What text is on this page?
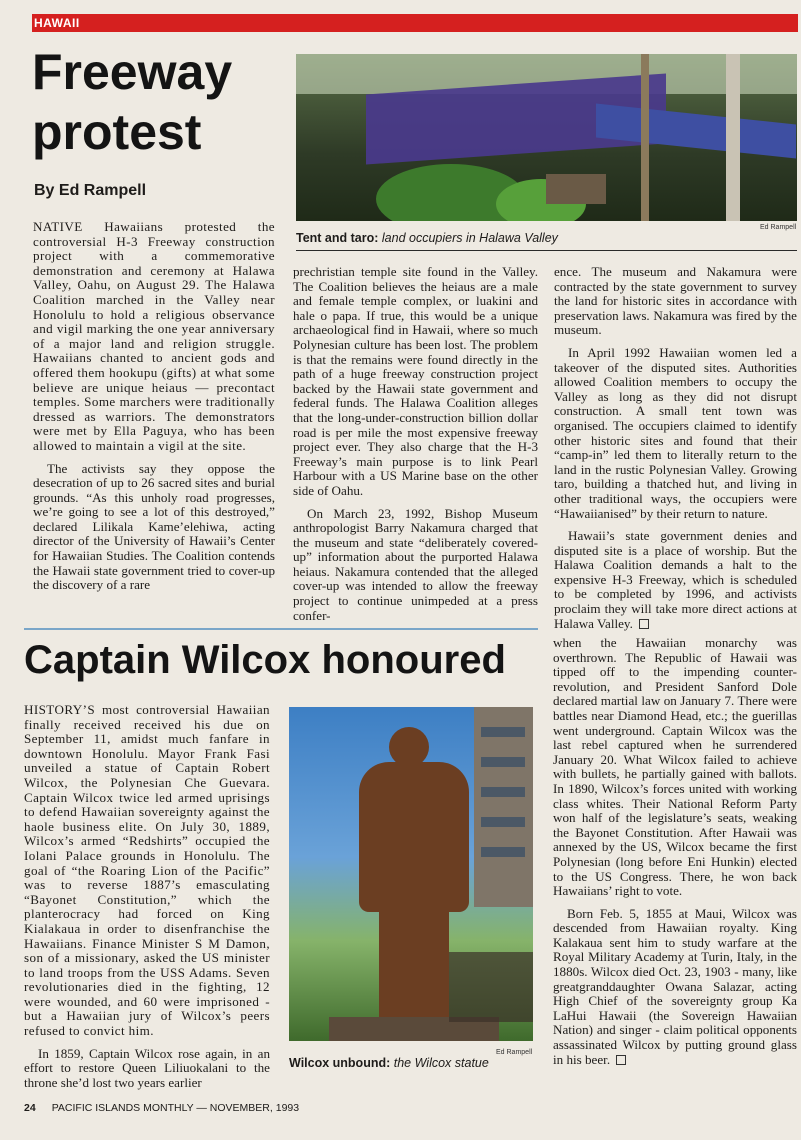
HAWAII
Freeway protest
By Ed Rampell
Ed Rampell
Tent and taro: land occupiers in Halawa Valley

NATIVE Hawaiians protested the controversial H-3 Freeway construction project with a commemorative demonstration and ceremony at Halawa Valley, Oahu, on August 29. The Halawa Coalition marched in the Valley near Honolulu to hold a religious observance and vigil marking the one year anniversary of a major land and religion struggle. Hawaiians chanted to ancient gods and offered them hookupu (gifts) at what some believe are unique heiaus — precontact temples. Some marchers were traditionally dressed as warriors. The demonstrators were met by Ella Paguya, who has been allowed to maintain a vigil at the site.

The activists say they oppose the desecration of up to 26 sacred sites and burial grounds. “As this unholy road progresses, we’re going to see a lot of this destroyed,” declared Lilikala Kame’elehiwa, acting director of the University of Hawaii’s Center for Hawaiian Studies. The Coalition contends the Hawaii state government tried to cover-up the discovery of a rare

prechristian temple site found in the Valley. The Coalition believes the heiaus are a male and female temple complex, or luakini and hale o papa. If true, this would be a unique archaeological find in Hawaii, where so much Polynesian culture has been lost. The problem is that the remains were found directly in the path of a huge freeway construction project backed by the Hawaii state government and federal funds. The Halawa Coalition alleges that the long-under-construction billion dollar road is per mile the most expensive freeway project ever. They also charge that the H-3 Freeway’s main purpose is to link Pearl Harbour with a US Marine base on the other side of Oahu.

On March 23, 1992, Bishop Museum anthropologist Barry Nakamura charged that the museum and state “deliberately covered-up” information about the purported Halawa heiaus. Nakamura contended that the alleged cover-up was intended to allow the freeway project to continue unimpeded at a press confer-

ence. The museum and Nakamura were contracted by the state government to survey the land for historic sites in accordance with preservation laws. Nakamura was fired by the museum.

In April 1992 Hawaiian women led a takeover of the disputed sites. Authorities allowed Coalition members to occupy the Valley as long as they did not disrupt construction. A small tent town was organised. The occupiers claimed to identify other historic sites and found that their “camp-in” led them to literally return to the land in the rustic Polynesian Valley. Growing taro, building a thatched hut, and living in other traditional ways, the occupiers were “Hawaiianised” by their return to nature.

Hawaii’s state government denies and disputed site is a place of worship. But the Halawa Coalition demands a halt to the expensive H-3 Freeway, which is scheduled to be completed by 1996, and activists proclaim they will take more direct actions at Halawa Valley.

Captain Wilcox honoured

HISTORY’S most controversial Hawaiian finally received received his due on September 11, amidst much fanfare in downtown Honolulu. Mayor Frank Fasi unveiled a statue of Captain Robert Wilcox, the Polynesian Che Guevara. Captain Wilcox twice led armed uprisings to defend Hawaiian sovereignty against the haole business elite. On July 30, 1889, Wilcox’s armed “Redshirts” occupied the Iolani Palace grounds in Honolulu. The goal of “the Roaring Lion of the Pacific” was to reverse 1887’s emasculating “Bayonet Constitution,” which the planterocracy had forced on King Kialakaua in order to disenfranchise the Hawaiians. Finance Minister S M Damon, son of a missionary, asked the US minister to land troops from the USS Adams. Seven revolutionaries died in the fighting, 12 were wounded, and 60 were imprisoned - but a Hawaiian jury of Wilcox’s peers refused to convict him.

In 1859, Captain Wilcox rose again, in an effort to restore Queen Liliuokalani to the throne she’d lost two years earlier

Ed Rampell
Wilcox unbound: the Wilcox statue

when the Hawaiian monarchy was overthrown. The Republic of Hawaii was tipped off to the impending counter-revolution, and President Sanford Dole declared martial law on January 7. There were battles near Diamond Head, etc.; the guerillas went underground. Captain Wilcox was the last rebel captured when he surrendered January 20. What Wilcox failed to achieve with bullets, he partially gained with ballots. In 1890, Wilcox’s forces united with working class whites. Their National Reform Party won half of the legislature’s seats, weaking the Bayonet Constitution. After Hawaii was annexed by the US, Wilcox became the first Polynesian (long before Eni Hunkin) elected to the US Congress. There, he won back Hawaiians’ right to vote.

Born Feb. 5, 1855 at Maui, Wilcox was descended from Hawaiian royalty. King Kalakaua sent him to study warfare at the Royal Military Academy at Turin, Italy, in the 1880s. Wilcox died Oct. 23, 1903 - many, like greatgranddaughter Owana Salazar, acting High Chief of the sovereignty group Ka LaHui Hawaii (the Sovereign Hawaiian Nation) and singer - claim political opponents assassinated Wilcox by putting ground glass in his beer.

24 PACIFIC ISLANDS MONTHLY — NOVEMBER, 1993
